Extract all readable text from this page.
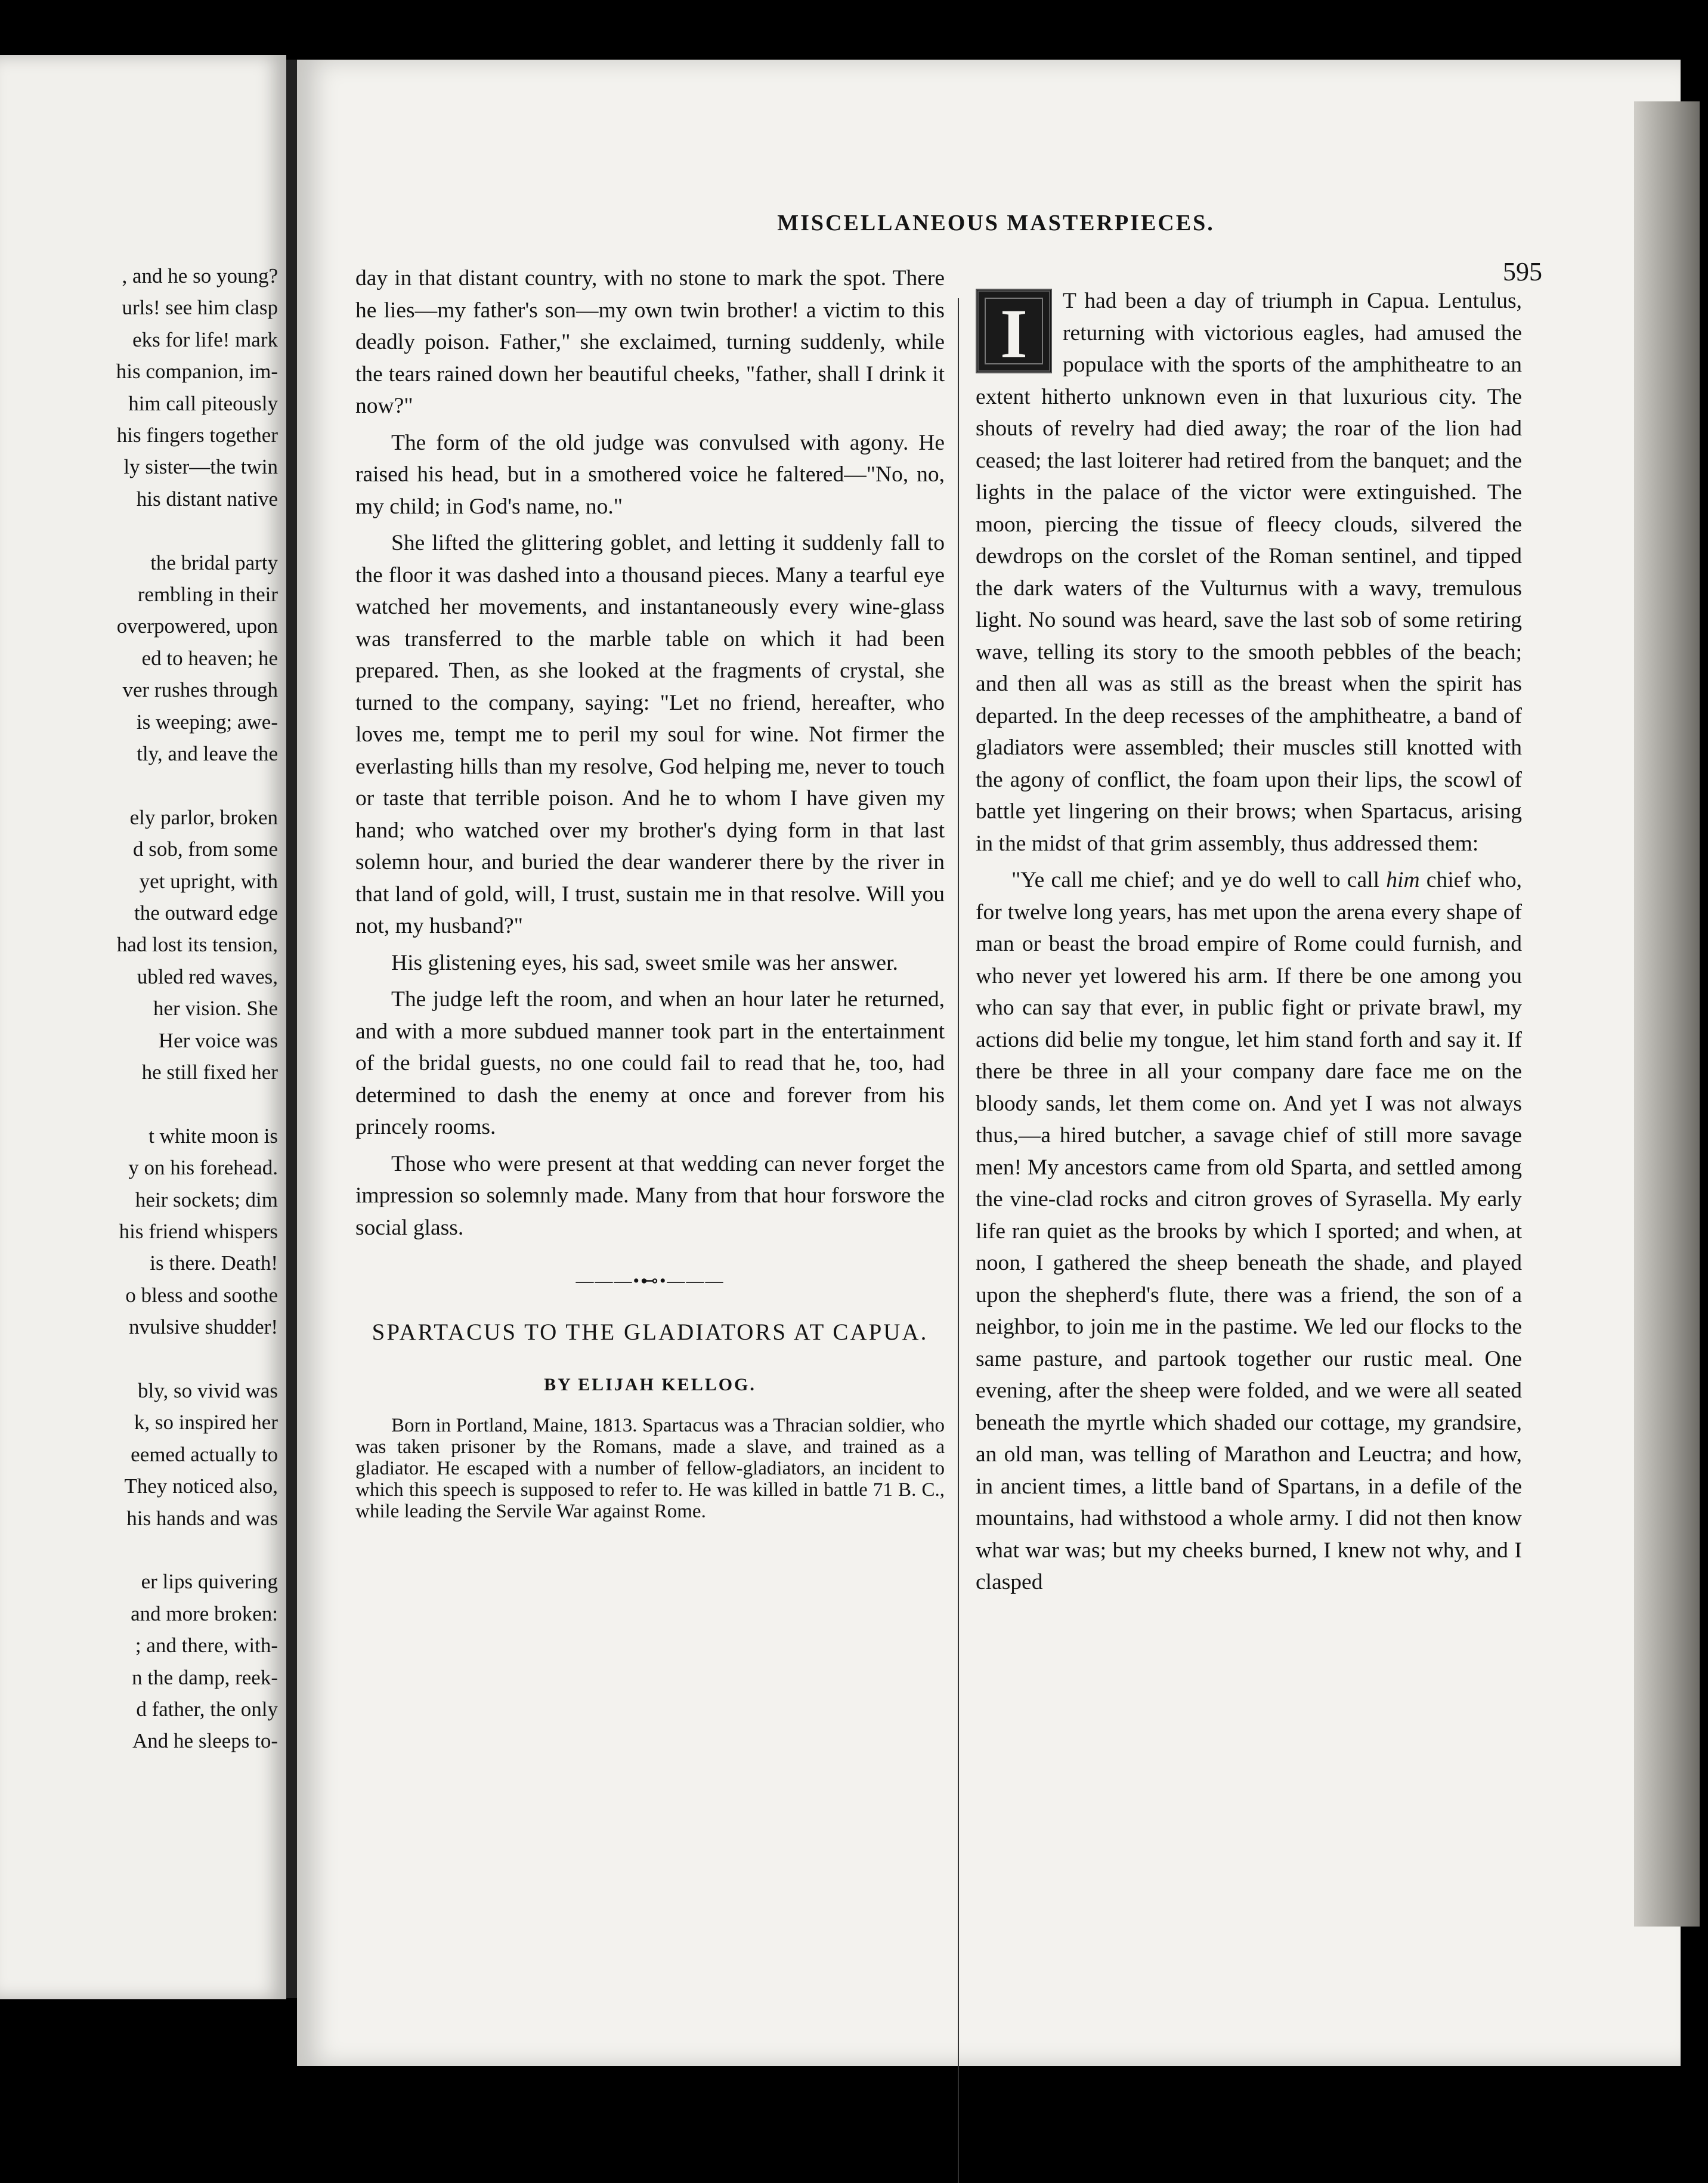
, and he so young?
urls! see him clasp
eks for life! mark
his companion, im-
him call piteously
his fingers together
ly sister—the twin
his distant native
the bridal party
rembling in their
overpowered, upon
ed to heaven; he
ver rushes through
is weeping; awe-
tly, and leave the
ely parlor, broken
d sob, from some
yet upright, with
the outward edge
had lost its tension,
ubled red waves,
her vision. She
Her voice was
he still fixed her
t white moon is
y on his forehead.
heir sockets; dim
his friend whispers
is there. Death!
o bless and soothe
nvulsive shudder!
bly, so vivid was
k, so inspired her
eemed actually to
They noticed also,
his hands and was
er lips quivering
and more broken:
; and there, with-
n the damp, reek-
d father, the only
And he sleeps to-
MISCELLANEOUS MASTERPIECES.
595

day in that distant country, with no stone to mark the spot. There he lies—my father's son—my own twin brother! a victim to this deadly poison. Father," she exclaimed, turning suddenly, while the tears rained down her beautiful cheeks, "father, shall I drink it now?"

The form of the old judge was convulsed with agony. He raised his head, but in a smothered voice he faltered—"No, no, my child; in God's name, no."

She lifted the glittering goblet, and letting it suddenly fall to the floor it was dashed into a thousand pieces. Many a tearful eye watched her movements, and instantaneously every wine-glass was transferred to the marble table on which it had been prepared. Then, as she looked at the fragments of crystal, she turned to the company, saying: "Let no friend, hereafter, who loves me, tempt me to peril my soul for wine. Not firmer the everlasting hills than my resolve, God helping me, never to touch or taste that terrible poison. And he to whom I have given my hand; who watched over my brother's dying form in that last solemn hour, and buried the dear wanderer there by the river in that land of gold, will, I trust, sustain me in that resolve. Will you not, my husband?"

His glistening eyes, his sad, sweet smile was her answer.

The judge left the room, and when an hour later he returned, and with a more subdued manner took part in the entertainment of the bridal guests, no one could fail to read that he, too, had determined to dash the enemy at once and forever from his princely rooms.

Those who were present at that wedding can never forget the impression so solemnly made. Many from that hour forswore the social glass.

———•⊷•———
SPARTACUS TO THE GLADIATORS AT CAPUA.
BY ELIJAH KELLOG.

Born in Portland, Maine, 1813. Spartacus was a Thracian soldier, who was taken prisoner by the Romans, made a slave, and trained as a gladiator. He escaped with a number of fellow-gladiators, an incident to which this speech is supposed to refer to. He was killed in battle 71 B. C., while leading the Servile War against Rome.

I	T had been a day of triumph in Capua. Lentulus, returning with victorious eagles, had amused the populace with the sports of the amphitheatre to an extent hitherto unknown even in that luxurious city. The shouts of revelry had died away; the roar of the lion had ceased; the last loiterer had retired from the banquet; and the lights in the palace of the victor were extinguished. The moon, piercing the tissue of fleecy clouds, silvered the dewdrops on the corslet of the Roman sentinel, and tipped the dark waters of the Vulturnus with a wavy, tremulous light. No sound was heard, save the last sob of some retiring wave, telling its story to the smooth pebbles of the beach; and then all was as still as the breast when the spirit has departed. In the deep recesses of the amphitheatre, a band of gladiators were assembled; their muscles still knotted with the agony of conflict, the foam upon their lips, the scowl of battle yet lingering on their brows; when Spartacus, arising in the midst of that grim assembly, thus addressed them:

"Ye call me chief; and ye do well to call him chief who, for twelve long years, has met upon the arena every shape of man or beast the broad empire of Rome could furnish, and who never yet lowered his arm. If there be one among you who can say that ever, in public fight or private brawl, my actions did belie my tongue, let him stand forth and say it. If there be three in all your company dare face me on the bloody sands, let them come on. And yet I was not always thus,—a hired butcher, a savage chief of still more savage men! My ancestors came from old Sparta, and settled among the vine-clad rocks and citron groves of Syrasella. My early life ran quiet as the brooks by which I sported; and when, at noon, I gathered the sheep beneath the shade, and played upon the shepherd's flute, there was a friend, the son of a neighbor, to join me in the pastime. We led our flocks to the same pasture, and partook together our rustic meal. One evening, after the sheep were folded, and we were all seated beneath the myrtle which shaded our cottage, my grandsire, an old man, was telling of Marathon and Leuctra; and how, in ancient times, a little band of Spartans, in a defile of the mountains, had withstood a whole army. I did not then know what war was; but my cheeks burned, I knew not why, and I clasped
